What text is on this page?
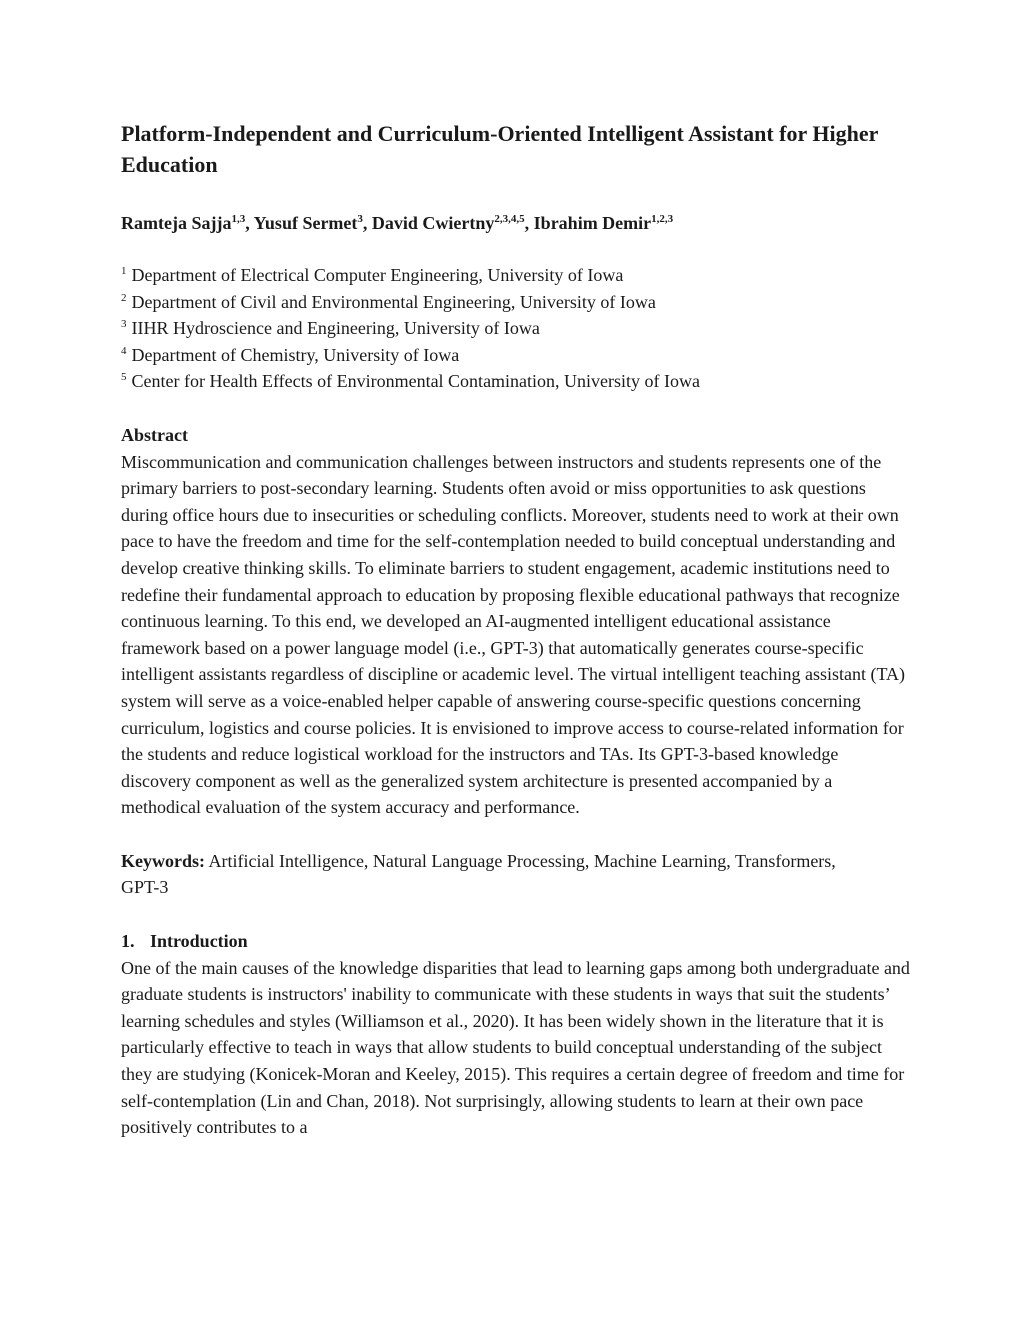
Platform-Independent and Curriculum-Oriented Intelligent Assistant for Higher Education
Ramteja Sajja$^{1,3}$, Yusuf Sermet$^3$, David Cwiertny$^{2,3,4,5}$, Ibrahim Demir$^{1,2,3}$
$^1$ Department of Electrical Computer Engineering, University of Iowa
$^2$ Department of Civil and Environmental Engineering, University of Iowa
$^3$ IIHR Hydroscience and Engineering, University of Iowa
$^4$ Department of Chemistry, University of Iowa
$^5$ Center for Health Effects of Environmental Contamination, University of Iowa
Abstract

Miscommunication and communication challenges between instructors and students represents one of the primary barriers to post-secondary learning. Students often avoid or miss opportunities to ask questions during office hours due to insecurities or scheduling conflicts. Moreover, students need to work at their own pace to have the freedom and time for the self-contemplation needed to build conceptual understanding and develop creative thinking skills. To eliminate barriers to student engagement, academic institutions need to redefine their fundamental approach to education by proposing flexible educational pathways that recognize continuous learning. To this end, we developed an AI-augmented intelligent educational assistance framework based on a power language model (i.e., GPT-3) that automatically generates course-specific intelligent assistants regardless of discipline or academic level. The virtual intelligent teaching assistant (TA) system will serve as a voice-enabled helper capable of answering course-specific questions concerning curriculum, logistics and course policies. It is envisioned to improve access to course-related information for the students and reduce logistical workload for the instructors and TAs. Its GPT-3-based knowledge discovery component as well as the generalized system architecture is presented accompanied by a methodical evaluation of the system accuracy and performance.

Keywords: Artificial Intelligence, Natural Language Processing, Machine Learning, Transformers, GPT-3

1. Introduction

One of the main causes of the knowledge disparities that lead to learning gaps among both undergraduate and graduate students is instructors' inability to communicate with these students in ways that suit the students’ learning schedules and styles (Williamson et al., 2020). It has been widely shown in the literature that it is particularly effective to teach in ways that allow students to build conceptual understanding of the subject they are studying (Konicek-Moran and Keeley, 2015). This requires a certain degree of freedom and time for self-contemplation (Lin and Chan, 2018). Not surprisingly, allowing students to learn at their own pace positively contributes to a
